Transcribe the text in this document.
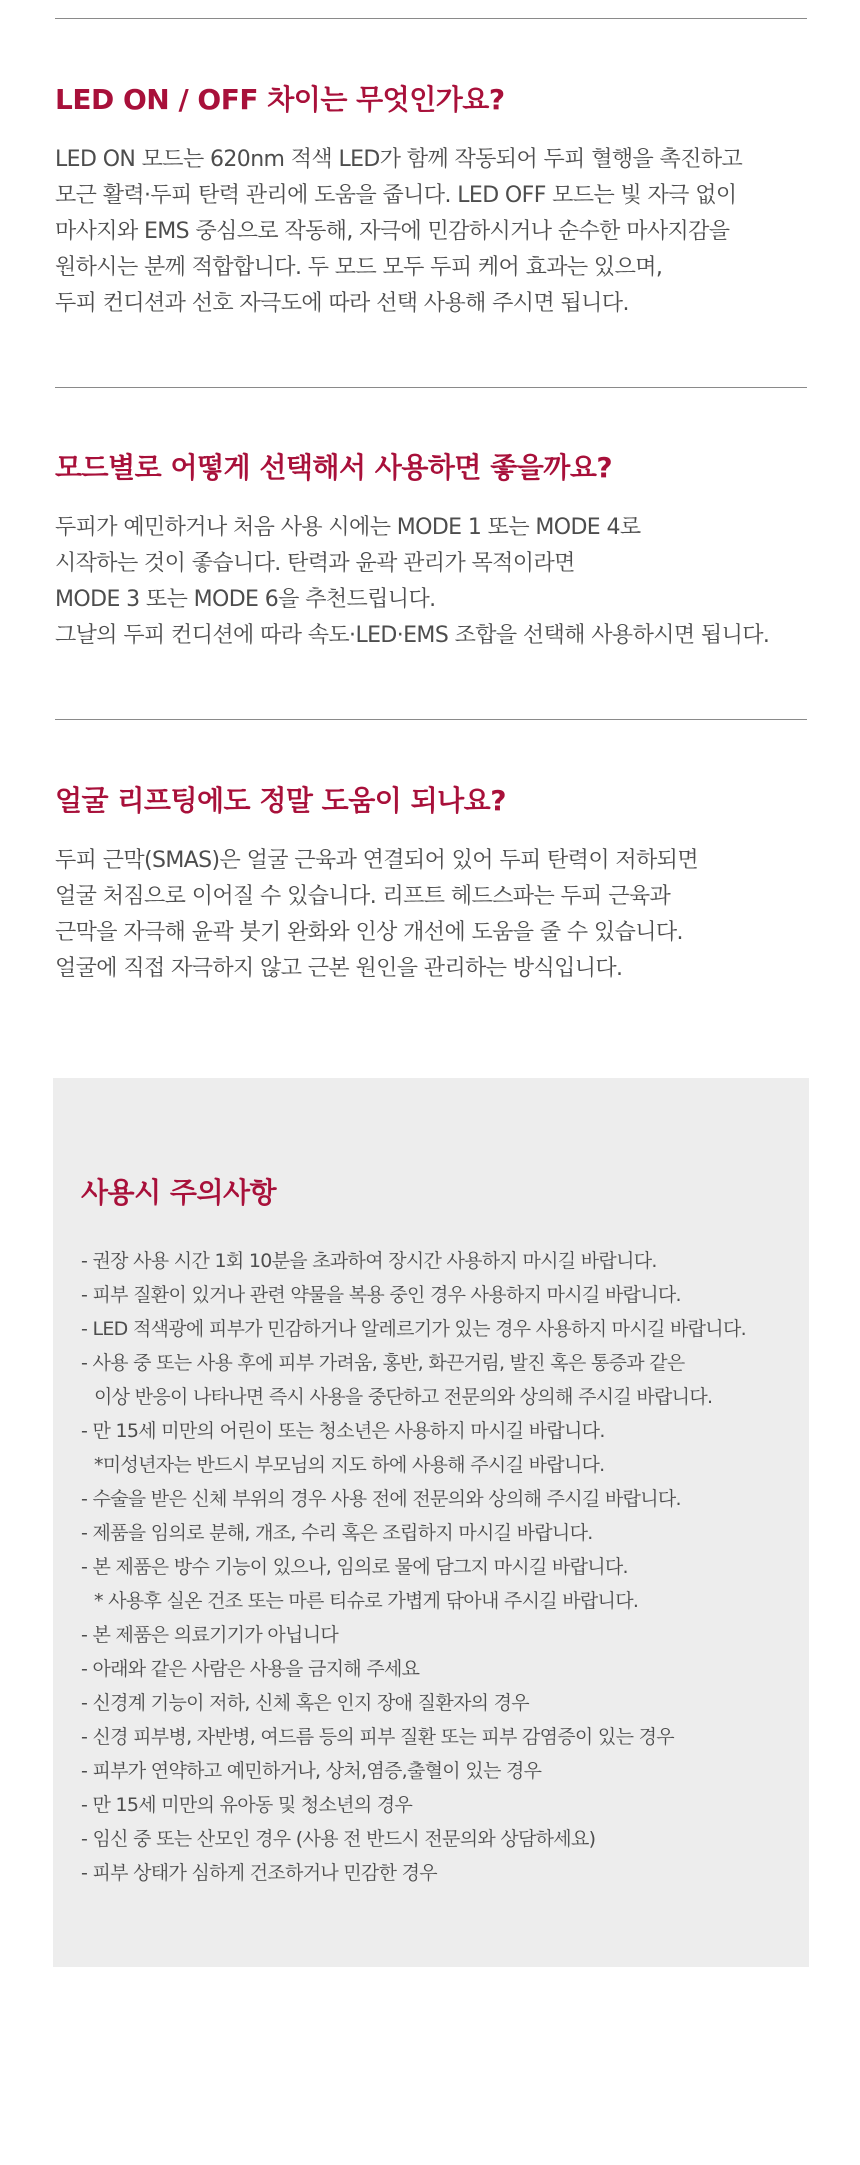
LED ON / OFF 차이는 무엇인가요?

LED ON 모드는 620nm 적색 LED가 함께 작동되어 두피 혈행을 촉진하고

모근 활력·두피 탄력 관리에 도움을 줍니다. LED OFF 모드는 빛 자극 없이

마사지와 EMS 중심으로 작동해, 자극에 민감하시거나 순수한 마사지감을

원하시는 분께 적합합니다. 두 모드 모두 두피 케어 효과는 있으며,

두피 컨디션과 선호 자극도에 따라 선택 사용해 주시면 됩니다.

모드별로 어떻게 선택해서 사용하면 좋을까요?

두피가 예민하거나 처음 사용 시에는 MODE 1 또는 MODE 4로

시작하는 것이 좋습니다. 탄력과 윤곽 관리가 목적이라면

MODE 3 또는 MODE 6을 추천드립니다.

그날의 두피 컨디션에 따라 속도·LED·EMS 조합을 선택해 사용하시면 됩니다.

얼굴 리프팅에도 정말 도움이 되나요?

두피 근막(SMAS)은 얼굴 근육과 연결되어 있어 두피 탄력이 저하되면

얼굴 처짐으로 이어질 수 있습니다. 리프트 헤드스파는 두피 근육과

근막을 자극해 윤곽 붓기 완화와 인상 개선에 도움을 줄 수 있습니다.

얼굴에 직접 자극하지 않고 근본 원인을 관리하는 방식입니다.

사용시 주의사항
- 권장 사용 시간 1회 10분을 초과하여 장시간 사용하지 마시길 바랍니다.
- 피부 질환이 있거나 관련 약물을 복용 중인 경우 사용하지 마시길 바랍니다.
- LED 적색광에 피부가 민감하거나 알레르기가 있는 경우 사용하지 마시길 바랍니다.
- 사용 중 또는 사용 후에 피부 가려움, 홍반, 화끈거림, 발진 혹은 통증과 같은
이상 반응이 나타나면 즉시 사용을 중단하고 전문의와 상의해 주시길 바랍니다.
- 만 15세 미만의 어린이 또는 청소년은 사용하지 마시길 바랍니다.
*미성년자는 반드시 부모님의 지도 하에 사용해 주시길 바랍니다.
- 수술을 받은 신체 부위의 경우 사용 전에 전문의와 상의해 주시길 바랍니다.
- 제품을 임의로 분해, 개조, 수리 혹은 조립하지 마시길 바랍니다.
- 본 제품은 방수 기능이 있으나, 임의로 물에 담그지 마시길 바랍니다.
* 사용후 실온 건조 또는 마른 티슈로 가볍게 닦아내 주시길 바랍니다.
- 본 제품은 의료기기가 아닙니다
- 아래와 같은 사람은 사용을 금지해 주세요
- 신경계 기능이 저하, 신체 혹은 인지 장애 질환자의 경우
- 신경 피부병, 자반병, 여드름 등의 피부 질환 또는 피부 감염증이 있는 경우
- 피부가 연약하고 예민하거나, 상처,염증,출혈이 있는 경우
- 만 15세 미만의 유아동 및 청소년의 경우
- 임신 중 또는 산모인 경우 (사용 전 반드시 전문의와 상담하세요)
- 피부 상태가 심하게 건조하거나 민감한 경우
